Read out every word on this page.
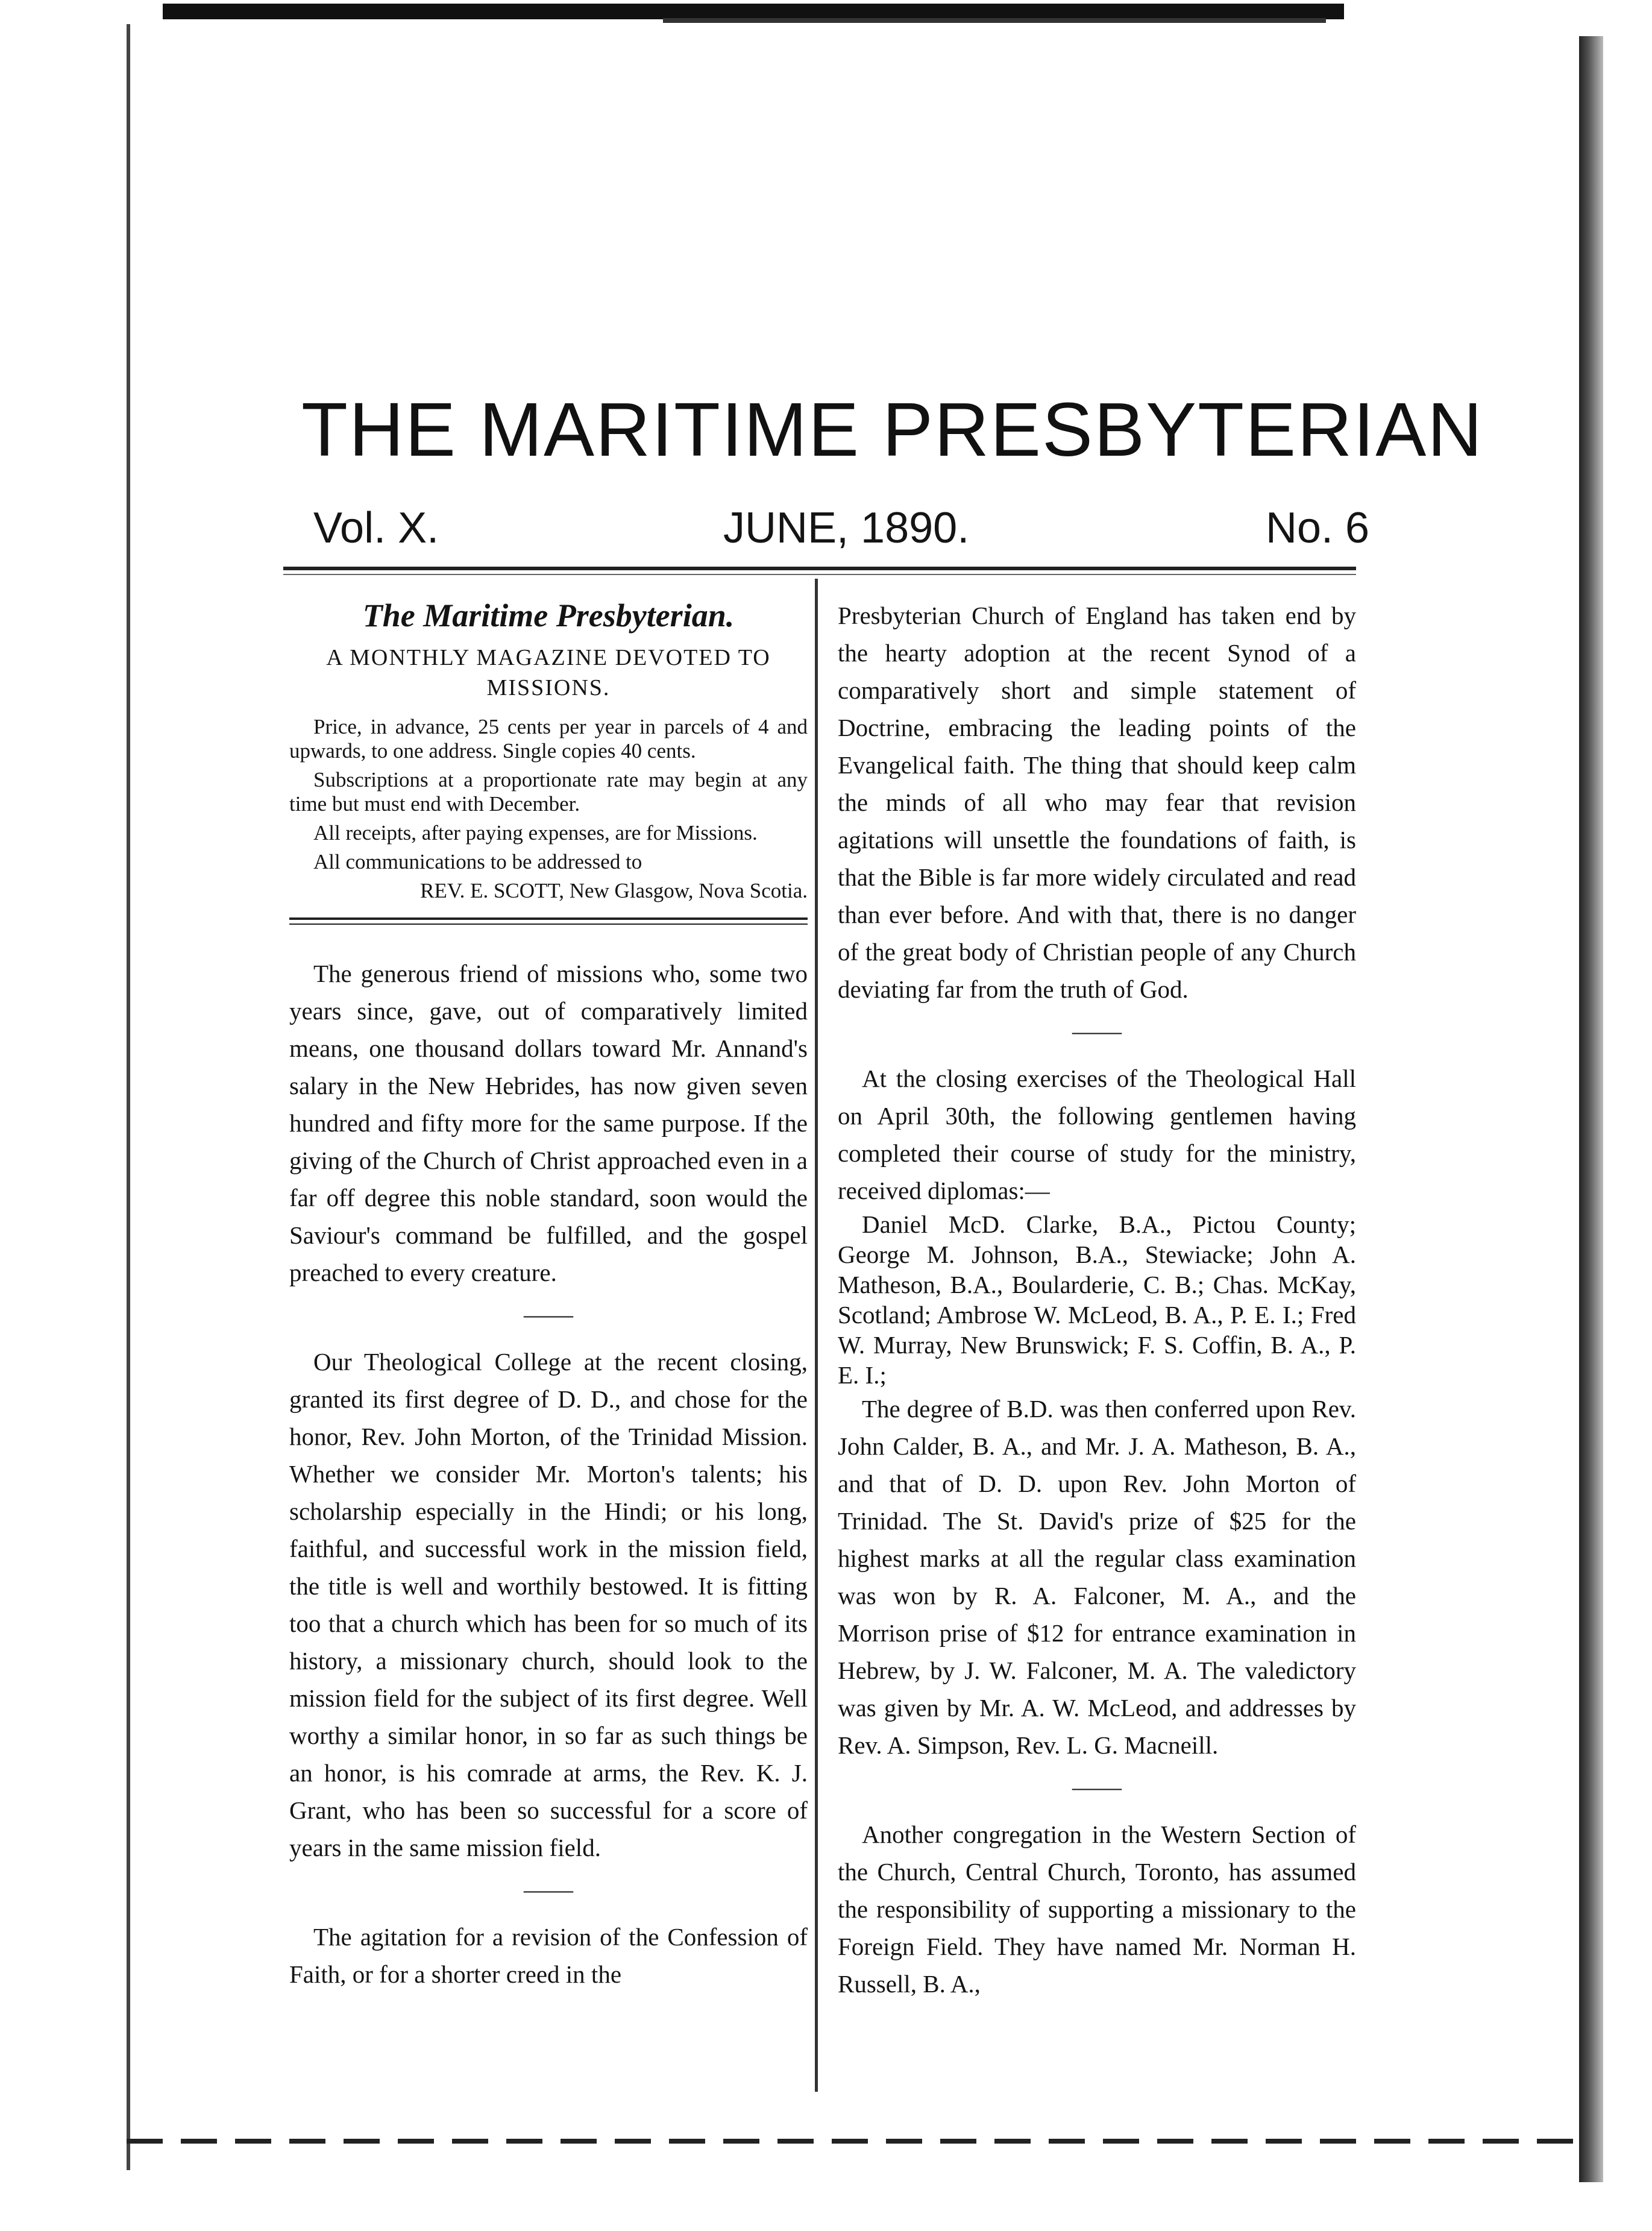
THE MARITIME PRESBYTERIAN
Vol. X.	JUNE, 1890.	No. 6
The Maritime Presbyterian.
A MONTHLY MAGAZINE DEVOTED TO MISSIONS.
Price, in advance, 25 cents per year in parcels of 4 and upwards, to one address. Single copies 40 cents.
Subscriptions at a proportionate rate may begin at any time but must end with December.
All receipts, after paying expenses, are for Missions.
All communications to be addressed to
REV. E. SCOTT, New Glasgow, Nova Scotia.

The generous friend of missions who, some two years since, gave, out of comparatively limited means, one thousand dollars toward Mr. Annand's salary in the New Hebrides, has now given seven hundred and fifty more for the same purpose. If the giving of the Church of Christ approached even in a far off degree this noble standard, soon would the Saviour's command be fulfilled, and the gospel preached to every creature.

——

Our Theological College at the recent closing, granted its first degree of D. D., and chose for the honor, Rev. John Morton, of the Trinidad Mission. Whether we consider Mr. Morton's talents; his scholarship especially in the Hindi; or his long, faithful, and successful work in the mission field, the title is well and worthily bestowed. It is fitting too that a church which has been for so much of its history, a missionary church, should look to the mission field for the subject of its first degree. Well worthy a similar honor, in so far as such things be an honor, is his comrade at arms, the Rev. K. J. Grant, who has been so successful for a score of years in the same mission field.

——

The agitation for a revision of the Confession of Faith, or for a shorter creed in the

Presbyterian Church of England has taken end by the hearty adoption at the recent Synod of a comparatively short and simple statement of Doctrine, embracing the leading points of the Evangelical faith. The thing that should keep calm the minds of all who may fear that revision agitations will unsettle the foundations of faith, is that the Bible is far more widely circulated and read than ever before. And with that, there is no danger of the great body of Christian people of any Church deviating far from the truth of God.

——

At the closing exercises of the Theological Hall on April 30th, the following gentlemen having completed their course of study for the ministry, received diplomas:—

Daniel McD. Clarke, B.A., Pictou County; George M. Johnson, B.A., Stewiacke; John A. Matheson, B.A., Boularderie, C. B.; Chas. McKay, Scotland; Ambrose W. McLeod, B. A., P. E. I.; Fred W. Murray, New Brunswick; F. S. Coffin, B. A., P. E. I.;

The degree of B.D. was then conferred upon Rev. John Calder, B. A., and Mr. J. A. Matheson, B. A., and that of D. D. upon Rev. John Morton of Trinidad. The St. David's prize of $25 for the highest marks at all the regular class examination was won by R. A. Falconer, M. A., and the Morrison prise of $12 for entrance examination in Hebrew, by J. W. Falconer, M. A. The valedictory was given by Mr. A. W. McLeod, and addresses by Rev. A. Simpson, Rev. L. G. Macneill.

——

Another congregation in the Western Section of the Church, Central Church, Toronto, has assumed the responsibility of supporting a missionary to the Foreign Field. They have named Mr. Norman H. Russell, B. A.,
